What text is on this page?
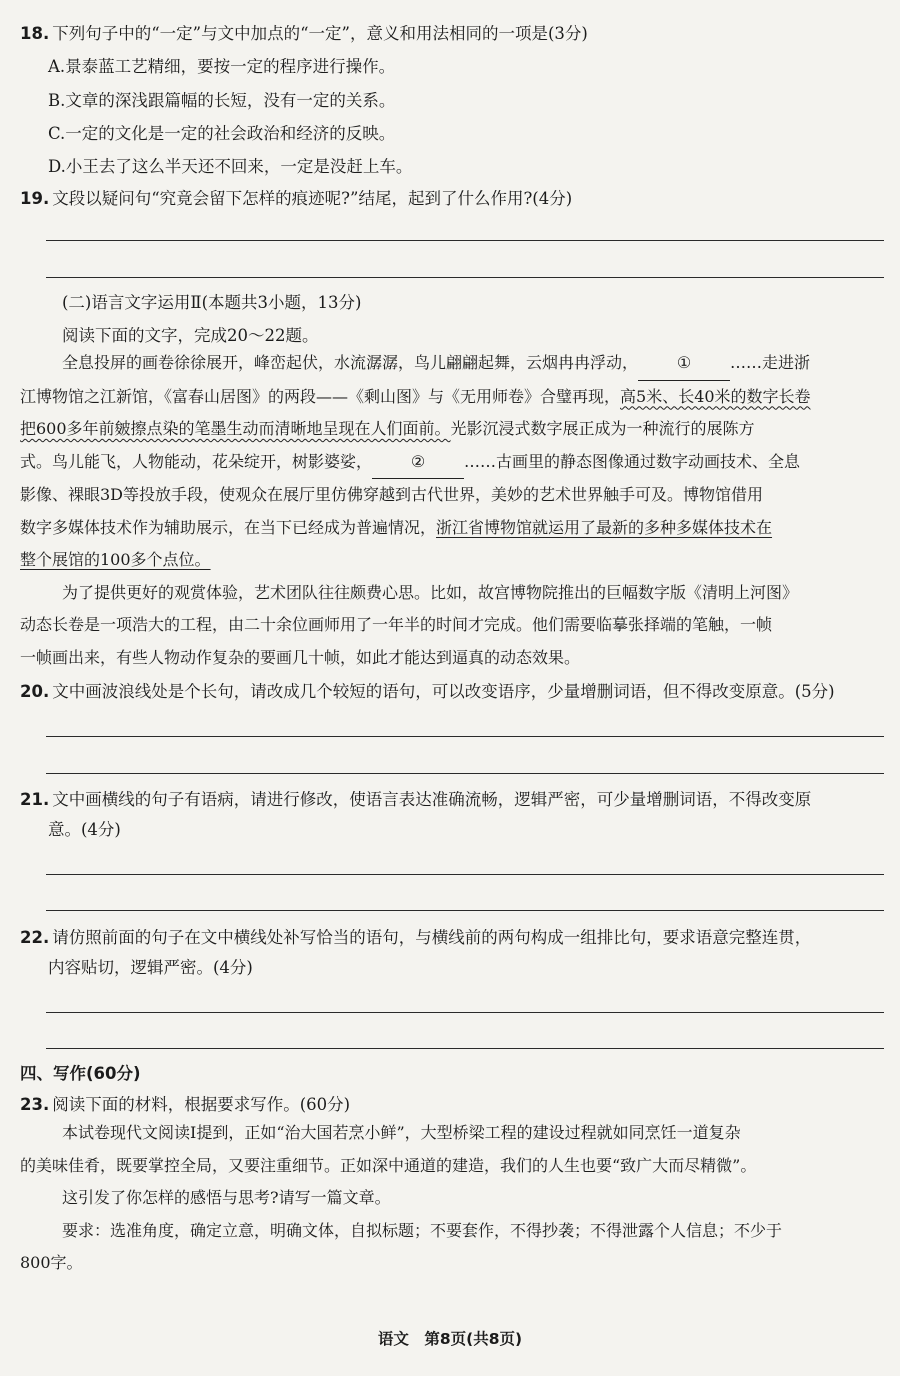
18. 下列句子中的“一定”与文中加点的“一定”，意义和用法相同的一项是(3分)
A.景泰蓝工艺精细，要按一定的程序进行操作。
B.文章的深浅跟篇幅的长短，没有一定的关系。
C.一定的文化是一定的社会政治和经济的反映。
D.小王去了这么半天还不回来，一定是没赶上车。
19. 文段以疑问句“究竟会留下怎样的痕迹呢?”结尾，起到了什么作用?(4分)
(二)语言文字运用Ⅱ(本题共3小题，13分)
阅读下面的文字，完成20～22题。
全息投屏的画卷徐徐展开，峰峦起伏，水流潺潺，鸟儿翩翩起舞，云烟冉冉浮动， ① ……走进浙
江博物馆之江新馆，《富春山居图》的两段——《剩山图》与《无用师卷》合璧再现，高5米、长40米的数字长卷
把600多年前皴擦点染的笔墨生动而清晰地呈现在人们面前。光影沉浸式数字展正成为一种流行的展陈方
式。鸟儿能飞，人物能动，花朵绽开，树影婆娑， ② ……古画里的静态图像通过数字动画技术、全息
影像、裸眼3D等投放手段，使观众在展厅里仿佛穿越到古代世界，美妙的艺术世界触手可及。博物馆借用
数字多媒体技术作为辅助展示，在当下已经成为普遍情况，浙江省博物馆就运用了最新的多种多媒体技术在
整个展馆的100多个点位。
为了提供更好的观赏体验，艺术团队往往颇费心思。比如，故宫博物院推出的巨幅数字版《清明上河图》
动态长卷是一项浩大的工程，由二十余位画师用了一年半的时间才完成。他们需要临摹张择端的笔触，一帧
一帧画出来，有些人物动作复杂的要画几十帧，如此才能达到逼真的动态效果。
20. 文中画波浪线处是个长句，请改成几个较短的语句，可以改变语序，少量增删词语，但不得改变原意。(5分)
21. 文中画横线的句子有语病，请进行修改，使语言表达准确流畅，逻辑严密，可少量增删词语，不得改变原
意。(4分)
22. 请仿照前面的句子在文中横线处补写恰当的语句，与横线前的两句构成一组排比句，要求语意完整连贯，
内容贴切，逻辑严密。(4分)
四、写作(60分)
23. 阅读下面的材料，根据要求写作。(60分)
本试卷现代文阅读Ⅰ提到，正如“治大国若烹小鲜”，大型桥梁工程的建设过程就如同烹饪一道复杂
的美味佳肴，既要掌控全局，又要注重细节。正如深中通道的建造，我们的人生也要“致广大而尽精微”。
这引发了你怎样的感悟与思考?请写一篇文章。
要求：选准角度，确定立意，明确文体，自拟标题；不要套作，不得抄袭；不得泄露个人信息；不少于
800字。
语文　第8页(共8页)
